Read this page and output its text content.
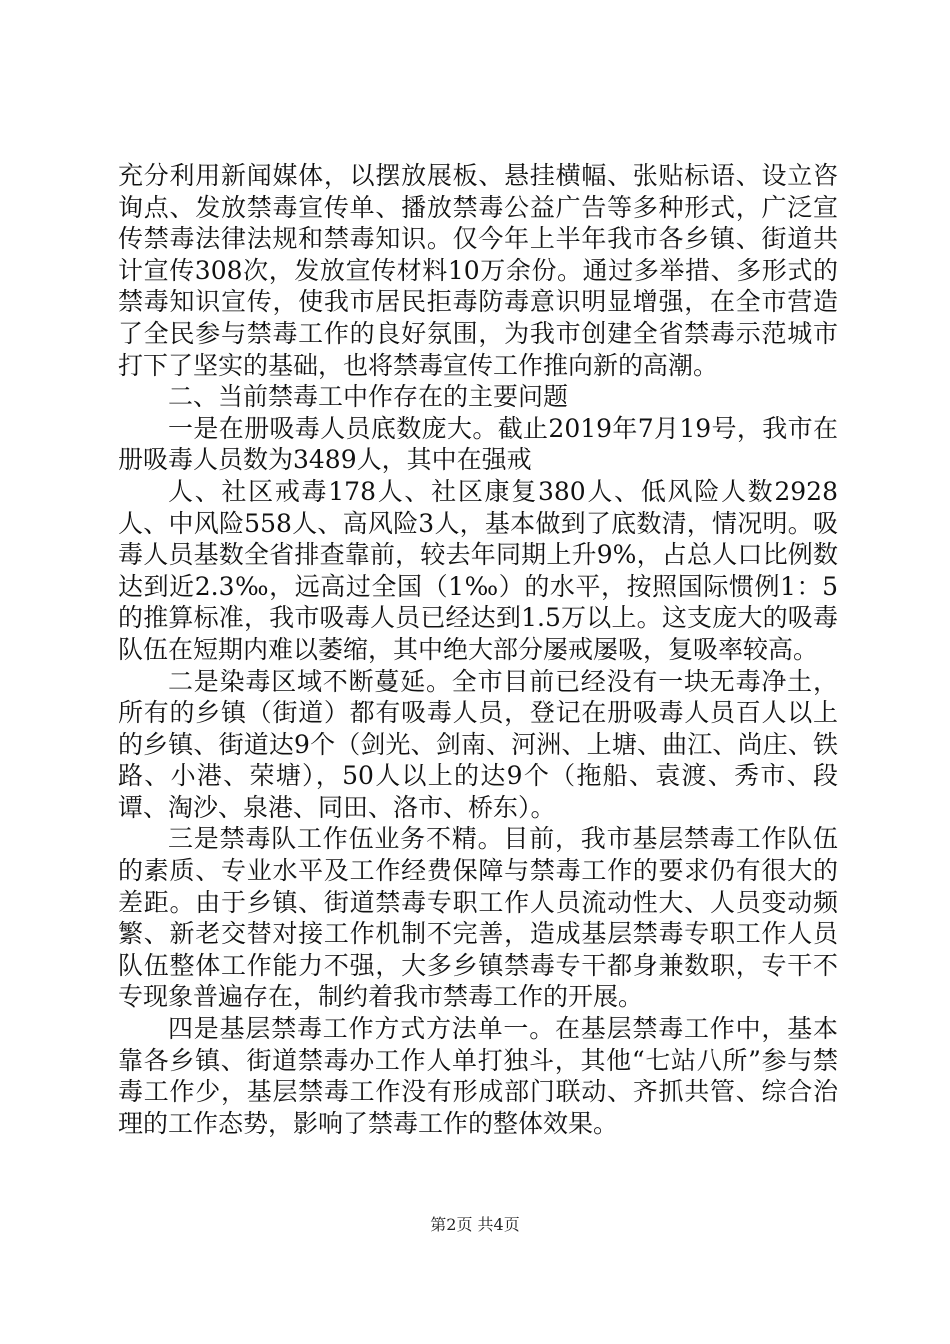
充分利用新闻媒体，以摆放展板、悬挂横幅、张贴标语、设立咨询点、发放禁毒宣传单、播放禁毒公益广告等多种形式，广泛宣传禁毒法律法规和禁毒知识。仅今年上半年我市各乡镇、街道共计宣传308次，发放宣传材料10万余份。通过多举措、多形式的禁毒知识宣传，使我市居民拒毒防毒意识明显增强，在全市营造了全民参与禁毒工作的良好氛围，为我市创建全省禁毒示范城市打下了坚实的基础，也将禁毒宣传工作推向新的高潮。

二、当前禁毒工中作存在的主要问题

一是在册吸毒人员底数庞大。截止2019年7月19号，我市在册吸毒人员数为3489人，其中在强戒

人、社区戒毒178人、社区康复380人、低风险人数2928人、中风险558人、高风险3人，基本做到了底数清，情况明。吸毒人员基数全省排查靠前，较去年同期上升9%，占总人口比例数达到近2.3‰，远高过全国（1‰）的水平，按照国际惯例1：5的推算标准，我市吸毒人员已经达到1.5万以上。这支庞大的吸毒队伍在短期内难以萎缩，其中绝大部分屡戒屡吸，复吸率较高。

二是染毒区域不断蔓延。全市目前已经没有一块无毒净土，所有的乡镇（街道）都有吸毒人员，登记在册吸毒人员百人以上的乡镇、街道达9个（剑光、剑南、河洲、上塘、曲江、尚庄、铁路、小港、荣塘），50人以上的达9个（拖船、袁渡、秀市、段谭、淘沙、泉港、同田、洛市、桥东）。

三是禁毒队工作伍业务不精。目前，我市基层禁毒工作队伍的素质、专业水平及工作经费保障与禁毒工作的要求仍有很大的差距。由于乡镇、街道禁毒专职工作人员流动性大、人员变动频繁、新老交替对接工作机制不完善，造成基层禁毒专职工作人员队伍整体工作能力不强，大多乡镇禁毒专干都身兼数职，专干不专现象普遍存在，制约着我市禁毒工作的开展。

四是基层禁毒工作方式方法单一。在基层禁毒工作中，基本靠各乡镇、街道禁毒办工作人单打独斗，其他“七站八所”参与禁毒工作少，基层禁毒工作没有形成部门联动、齐抓共管、综合治理的工作态势，影响了禁毒工作的整体效果。

第2页 共4页
